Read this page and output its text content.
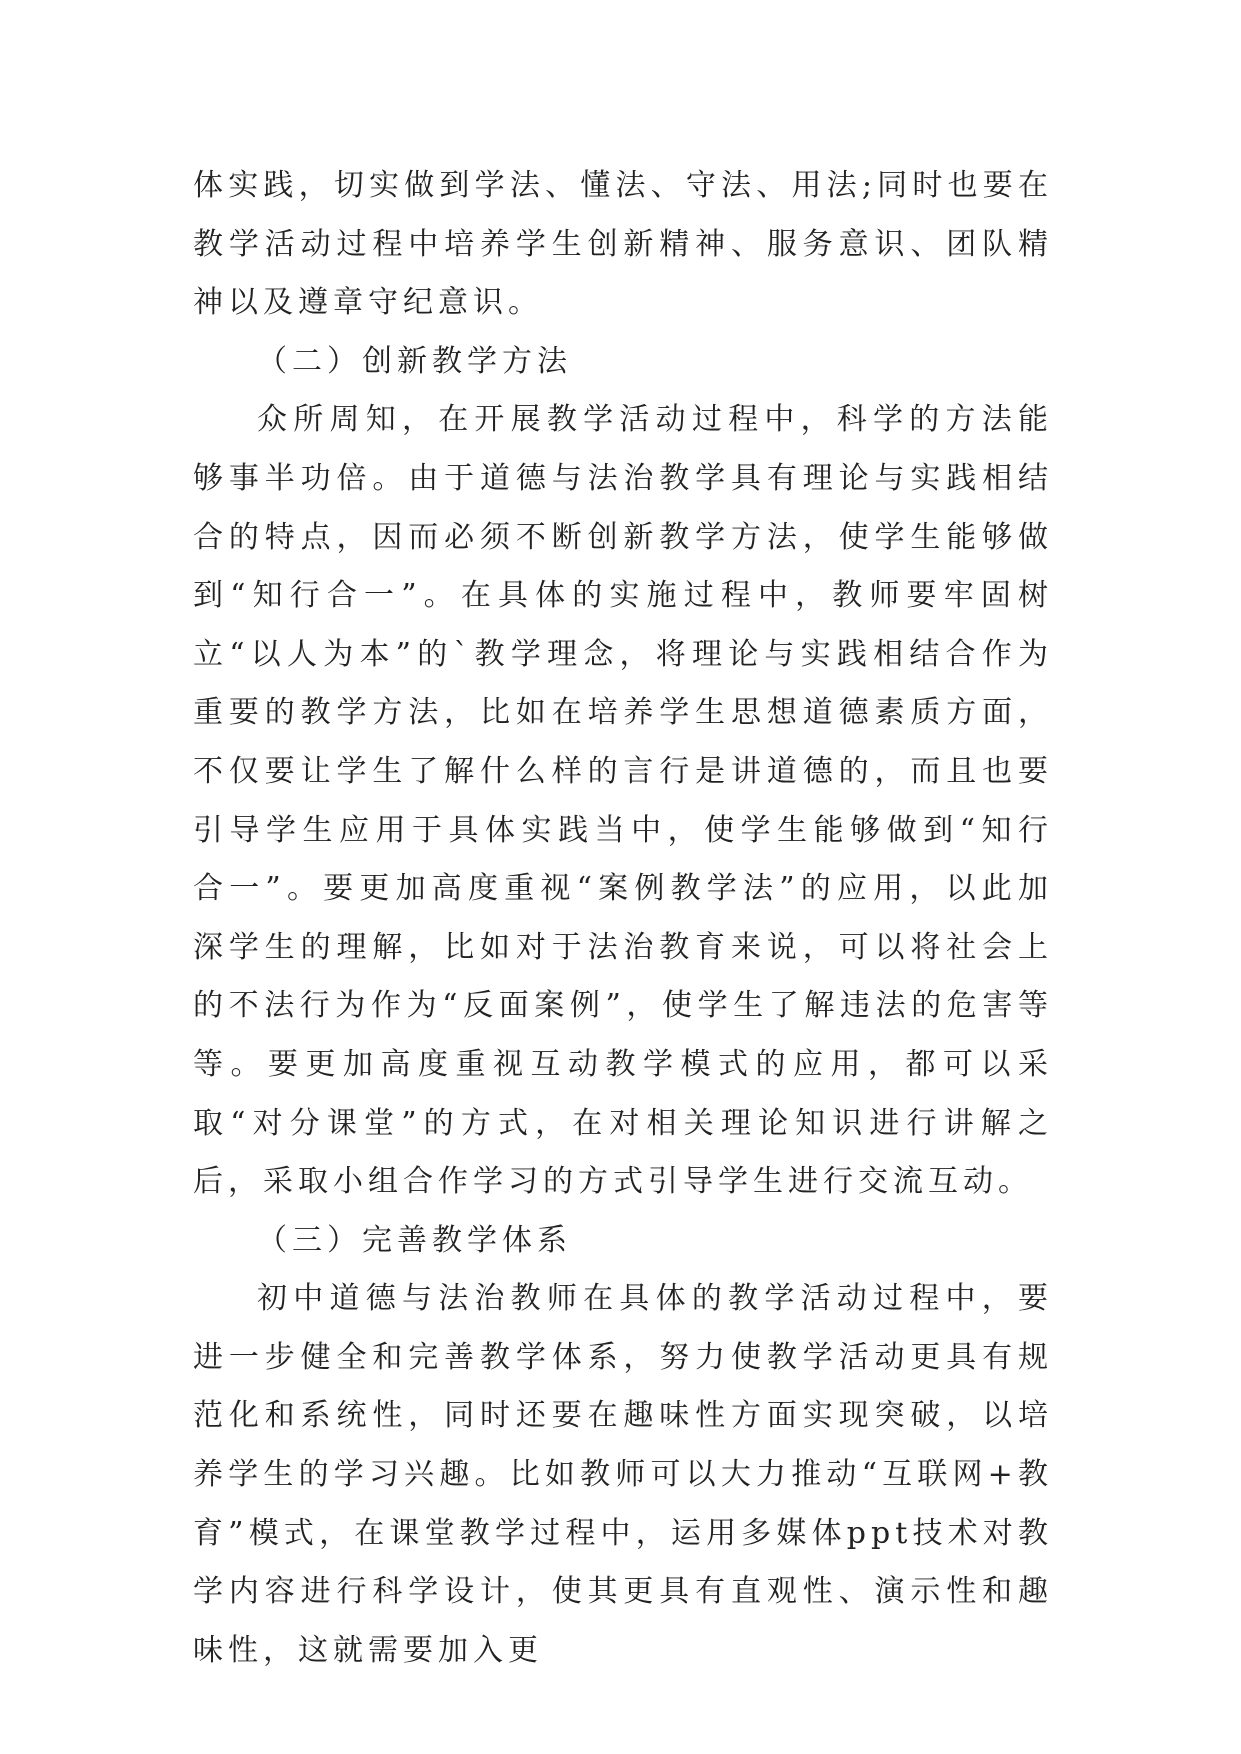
体实践，切实做到学法、懂法、守法、用法;同时也要在教学活动过程中培养学生创新精神、服务意识、团队精神以及遵章守纪意识。

（二）创新教学方法

众所周知，在开展教学活动过程中，科学的方法能够事半功倍。由于道德与法治教学具有理论与实践相结合的特点，因而必须不断创新教学方法，使学生能够做到“知行合一”。在具体的实施过程中，教师要牢固树立“以人为本”的`教学理念，将理论与实践相结合作为重要的教学方法，比如在培养学生思想道德素质方面，不仅要让学生了解什么样的言行是讲道德的，而且也要引导学生应用于具体实践当中，使学生能够做到“知行合一”。要更加高度重视“案例教学法”的应用，以此加深学生的理解，比如对于法治教育来说，可以将社会上的不法行为作为“反面案例”，使学生了解违法的危害等等。要更加高度重视互动教学模式的应用，都可以采取“对分课堂”的方式，在对相关理论知识进行讲解之后，采取小组合作学习的方式引导学生进行交流互动。

（三）完善教学体系

初中道德与法治教师在具体的教学活动过程中，要进一步健全和完善教学体系，努力使教学活动更具有规范化和系统性，同时还要在趣味性方面实现突破，以培养学生的学习兴趣。比如教师可以大力推动“互联网+教育”模式，在课堂教学过程中，运用多媒体ppt技术对教学内容进行科学设计，使其更具有直观性、演示性和趣味性，这就需要加入更
